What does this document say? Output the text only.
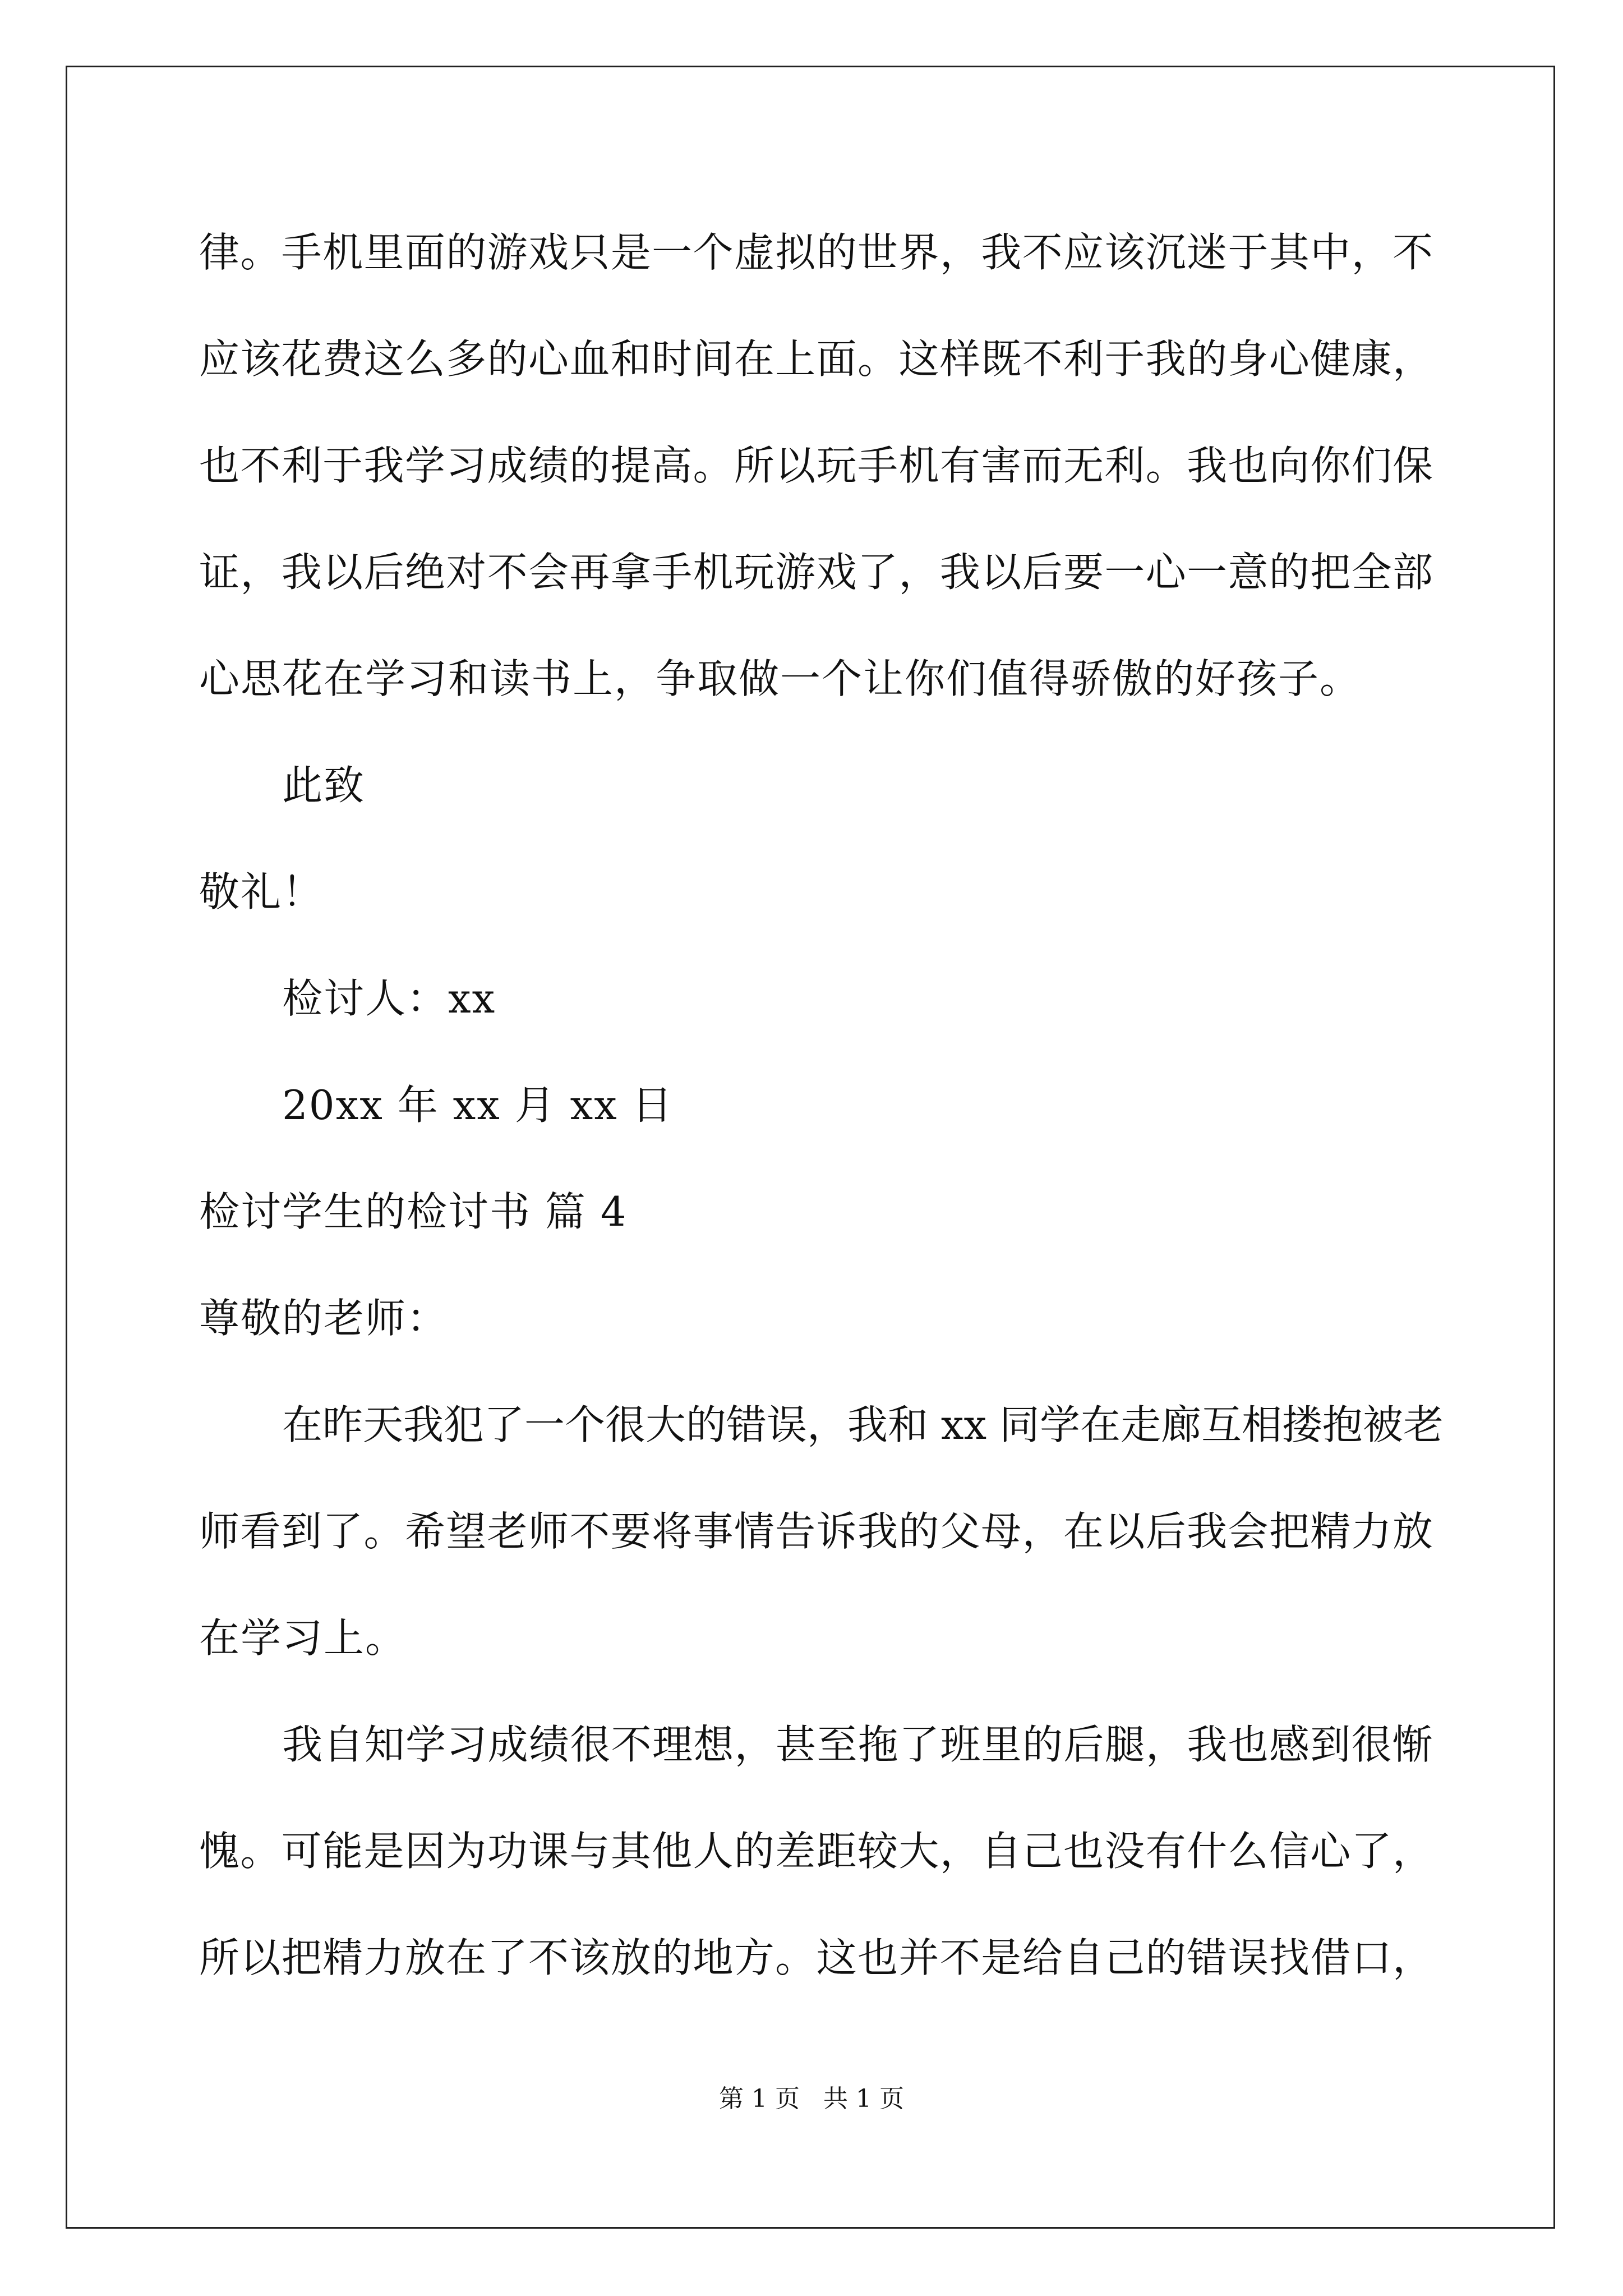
律。手机里面的游戏只是一个虚拟的世界，我不应该沉迷于其中，不
应该花费这么多的心血和时间在上面。这样既不利于我的身心健康，
也不利于我学习成绩的提高。所以玩手机有害而无利。我也向你们保
证，我以后绝对不会再拿手机玩游戏了，我以后要一心一意的把全部
心思花在学习和读书上，争取做一个让你们值得骄傲的好孩子。
此致
敬礼！
检讨人：xx
20xx 年 xx 月 xx 日
检讨学生的检讨书 篇 4
尊敬的老师：
在昨天我犯了一个很大的错误，我和 xx 同学在走廊互相搂抱被老
师看到了。希望老师不要将事情告诉我的父母，在以后我会把精力放
在学习上。
我自知学习成绩很不理想，甚至拖了班里的后腿，我也感到很惭
愧。可能是因为功课与其他人的差距较大，自己也没有什么信心了，
所以把精力放在了不该放的地方。这也并不是给自己的错误找借口，
第 1 页   共 1 页
